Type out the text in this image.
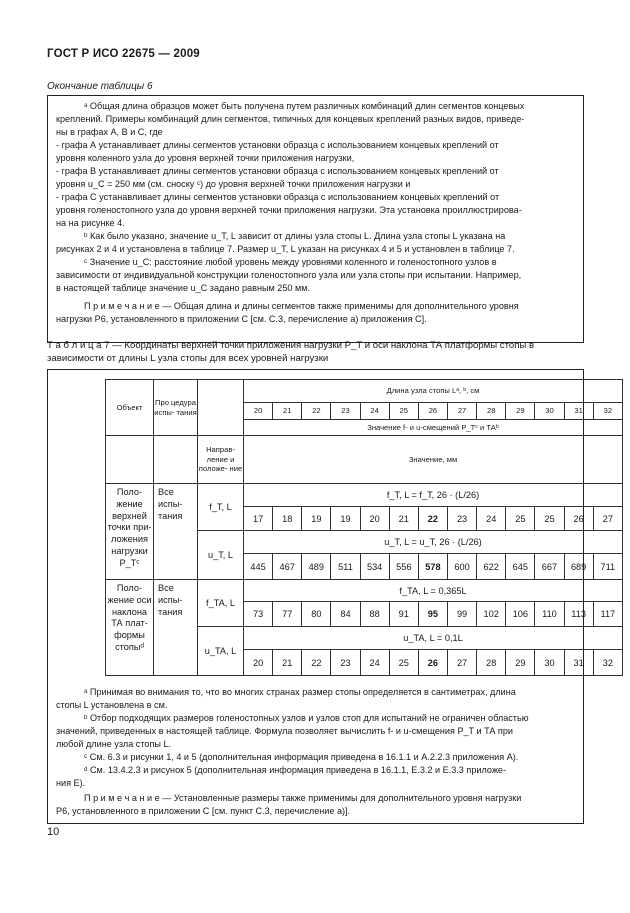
ГОСТ Р ИСО 22675 — 2009
Окончание таблицы 6
ᵃ Общая длина образцов может быть получена путем различных комбинаций длин сегментов концевых
креплений. Примеры комбинаций длин сегментов, типичных для концевых креплений разных видов, приведе-
ны в графах А, В и С, где
- графа А устанавливает длины сегментов установки образца с использованием концевых креплений от
уровня коленного узла до уровня верхней точки приложения нагрузки,
- графа В устанавливает длины сегментов установки образца с использованием концевых креплений от
уровня u_C = 250 мм (см. сноску ᶜ) до уровня верхней точки приложения нагрузки и
- графа С устанавливает длины сегментов установки образца с использованием концевых креплений от
уровня голеностопного узла до уровня верхней точки приложения нагрузки. Эта установка проиллюстрирова-
на на рисунке 4.
ᵇ Как было указано, значение u_T, L зависит от длины узла стопы L. Длина узла стопы L указана на
рисунках 2 и 4 и установлена в таблице 7. Размер u_T, L указан на рисунках 4 и 5 и установлен в таблице 7.
ᶜ Значение u_C: расстояние любой уровень между уровнями коленного и голеностопного узлов в
зависимости от индивидуальной конструкции голеностопного узла или узла стопы при испытании. Например,
в настоящей таблице значение u_C задано равным 250 мм.
П р и м е ч а н и е — Общая длина и длины сегментов также применимы для дополнительного уровня
нагрузки Р6, установленного в приложении С [см. С.3, перечисление а) приложения С].
Т а б л и ц а 7 — Координаты верхней точки приложения нагрузки P_T и оси наклона ТА платформы стопы в
зависимости от длины L узла стопы для всех уровней нагрузки
Объект	Про цедура испы- тания		Длина узла стопы Lᵃ, ᵇ, см												
			20	21	22	23	24	25	26	27	28	29	30	31	32
			Значение f- и u-смещений P_Tᶜ и ТАᵇ												
		Направ- ление и положе- ние	Значение, мм												
Поло- жение верхней точки при- ложения нагрузки P_Tᶜ	Все испы- тания	f_T, L	f_T, L = f_T, 26 · (L/26)												
			17	18	19	19	20	21	22	23	24	25	25	26	27
		u_T, L	u_T, L = u_T, 26 · (L/26)												
			445	467	489	511	534	556	578	600	622	645	667	689	711
Поло- жение оси наклона ТА плат- формы стопыᵈ	Все испы- тания	f_TA, L	f_TA, L = 0,365L												
			73	77	80	84	88	91	95	99	102	106	110	113	117
		u_TA, L	u_TA, L = 0,1L												
			20	21	22	23	24	25	26	27	28	29	30	31	32
ᵃ Принимая во внимания то, что во многих странах размер стопы определяется в сантиметрах, длина
стопы L установлена в см.
ᵇ Отбор подходящих размеров голеностопных узлов и узлов стоп для испытаний не ограничен областью
значений, приведенных в настоящей таблице. Формула позволяет вычислить f- и u-смещения P_T и ТА при
любой длине узла стопы L.
ᶜ См. 6.3 и рисунки 1, 4 и 5 (дополнительная информация приведена в 16.1.1 и А.2.2.3 приложения А).
ᵈ См. 13.4.2.3 и рисунок 5 (дополнительная информация приведена в 16.1.1, Е.3.2 и Е.3.3 приложе-
ния Е).
П р и м е ч а н и е — Установленные размеры также применимы для дополнительного уровня нагрузки
Р6, установленного в приложении С [см. пункт С.3, перечисление а)].
10
